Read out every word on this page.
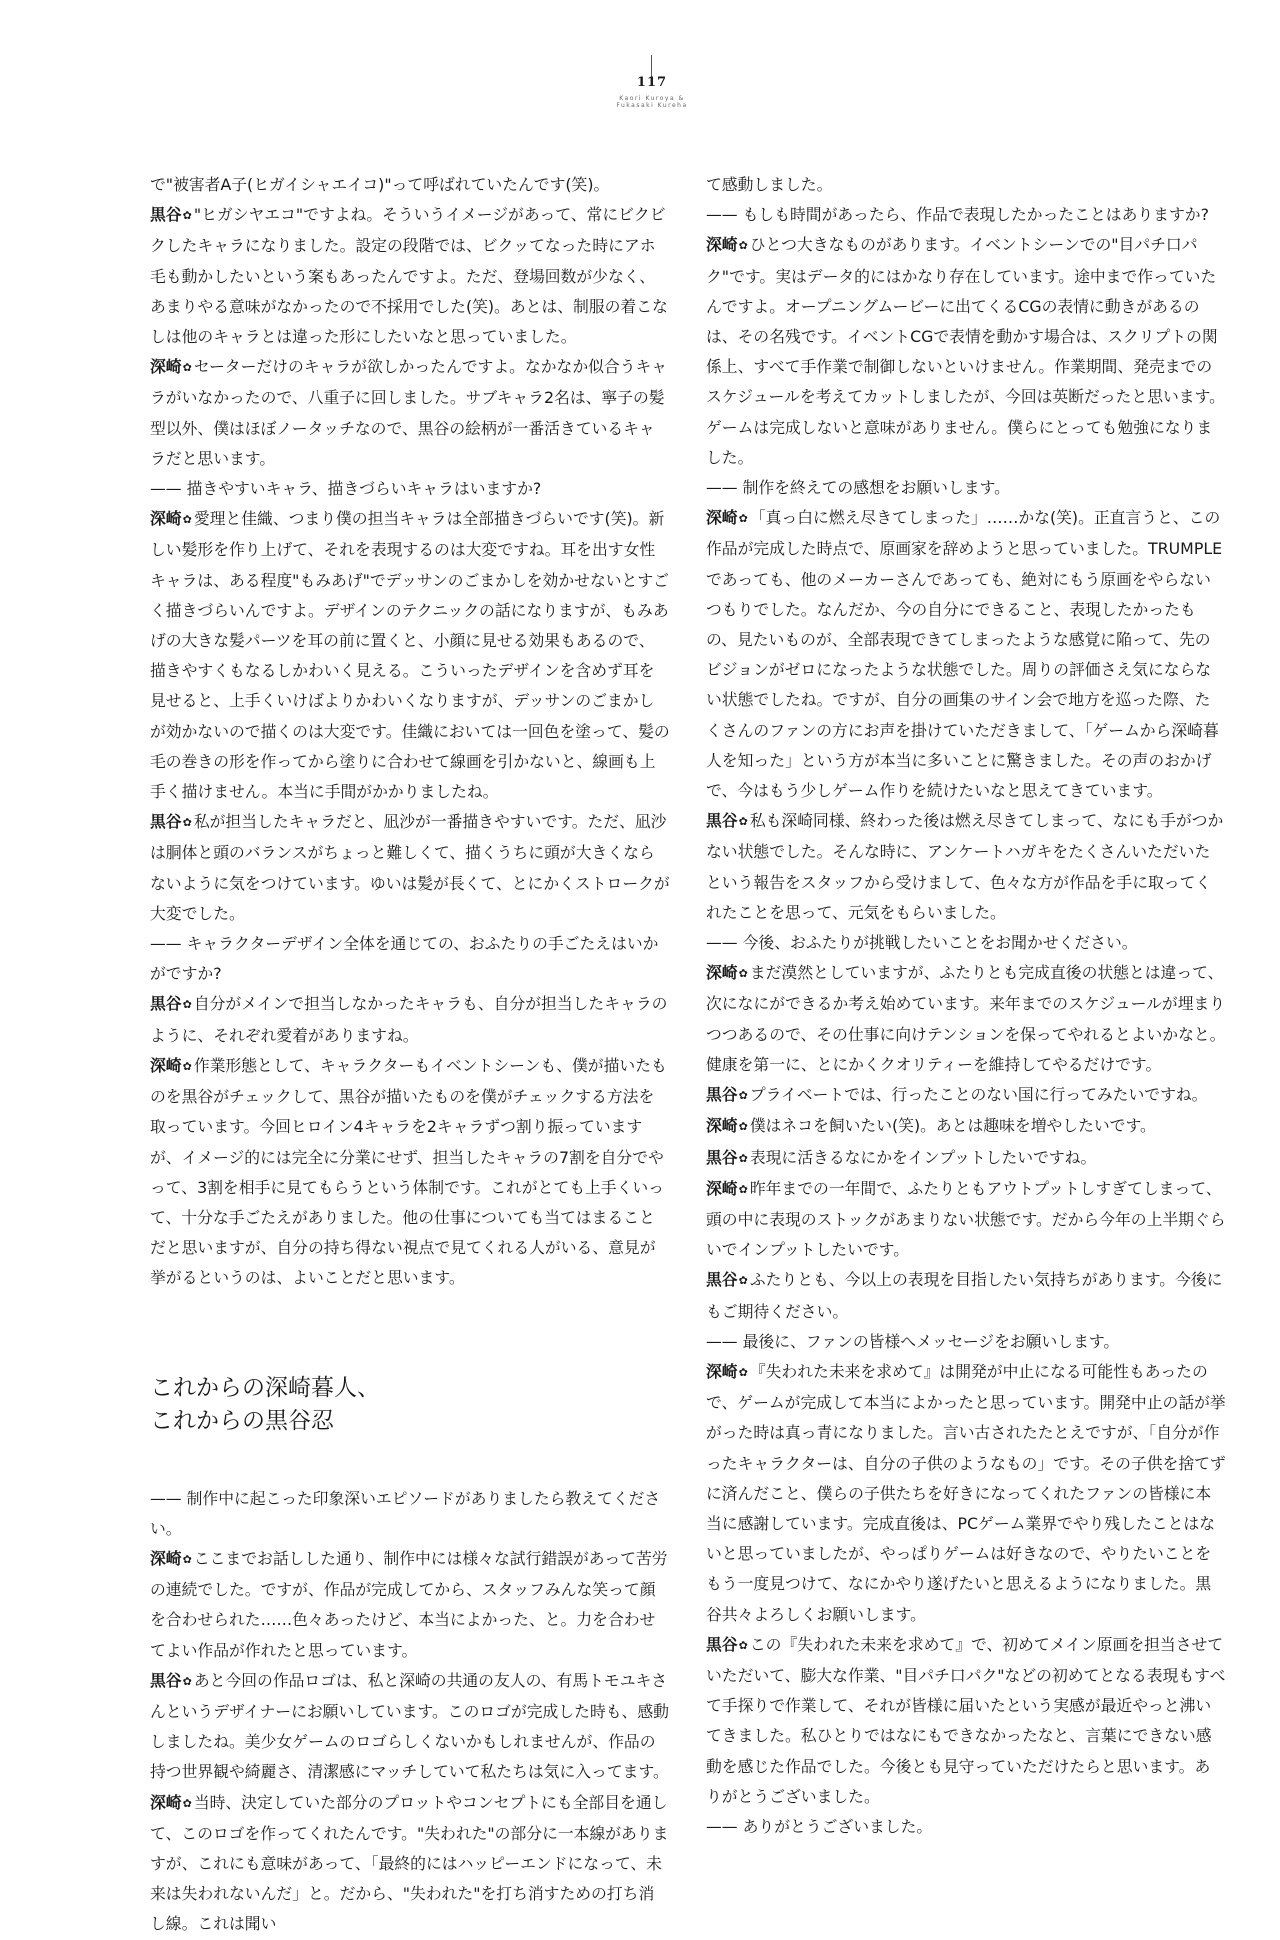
117
Kaori Kuroya & Fukasaki Kureha

で"被害者A子(ヒガイシャエイコ)"って呼ばれていたんです(笑)。

黒谷✿ "ヒガシヤエコ"ですよね。そういうイメージがあって、常にビクビクしたキャラになりました。設定の段階では、ビクッてなった時にアホ毛も動かしたいという案もあったんですよ。ただ、登場回数が少なく、あまりやる意味がなかったので不採用でした(笑)。あとは、制服の着こなしは他のキャラとは違った形にしたいなと思っていました。

深崎✿ セーターだけのキャラが欲しかったんですよ。なかなか似合うキャラがいなかったので、八重子に回しました。サブキャラ2名は、寧子の髪型以外、僕はほぼノータッチなので、黒谷の絵柄が一番活きているキャラだと思います。

—— 描きやすいキャラ、描きづらいキャラはいますか?

深崎✿ 愛理と佳織、つまり僕の担当キャラは全部描きづらいです(笑)。新しい髪形を作り上げて、それを表現するのは大変ですね。耳を出す女性キャラは、ある程度"もみあげ"でデッサンのごまかしを効かせないとすごく描きづらいんですよ。デザインのテクニックの話になりますが、もみあげの大きな髪パーツを耳の前に置くと、小顔に見せる効果もあるので、描きやすくもなるしかわいく見える。こういったデザインを含めず耳を見せると、上手くいけばよりかわいくなりますが、デッサンのごまかしが効かないので描くのは大変です。佳織においては一回色を塗って、髪の毛の巻きの形を作ってから塗りに合わせて線画を引かないと、線画も上手く描けません。本当に手間がかかりましたね。

黒谷✿ 私が担当したキャラだと、凪沙が一番描きやすいです。ただ、凪沙は胴体と頭のバランスがちょっと難しくて、描くうちに頭が大きくならないように気をつけています。ゆいは髪が長くて、とにかくストロークが大変でした。

—— キャラクターデザイン全体を通じての、おふたりの手ごたえはいかがですか?

黒谷✿ 自分がメインで担当しなかったキャラも、自分が担当したキャラのように、それぞれ愛着がありますね。

深崎✿ 作業形態として、キャラクターもイベントシーンも、僕が描いたものを黒谷がチェックして、黒谷が描いたものを僕がチェックする方法を取っています。今回ヒロイン4キャラを2キャラずつ割り振っていますが、イメージ的には完全に分業にせず、担当したキャラの7割を自分でやって、3割を相手に見てもらうという体制です。これがとても上手くいって、十分な手ごたえがありました。他の仕事についても当てはまることだと思いますが、自分の持ち得ない視点で見てくれる人がいる、意見が挙がるというのは、よいことだと思います。

これからの深崎暮人、
これからの黒谷忍

—— 制作中に起こった印象深いエピソードがありましたら教えてください。

深崎✿ ここまでお話しした通り、制作中には様々な試行錯誤があって苦労の連続でした。ですが、作品が完成してから、スタッフみんな笑って顔を合わせられた……色々あったけど、本当によかった、と。力を合わせてよい作品が作れたと思っています。

黒谷✿ あと今回の作品ロゴは、私と深崎の共通の友人の、有馬トモユキさんというデザイナーにお願いしています。このロゴが完成した時も、感動しましたね。美少女ゲームのロゴらしくないかもしれませんが、作品の持つ世界観や綺麗さ、清潔感にマッチしていて私たちは気に入ってます。

深崎✿ 当時、決定していた部分のプロットやコンセプトにも全部目を通して、このロゴを作ってくれたんです。"失われた"の部分に一本線がありますが、これにも意味があって、「最終的にはハッピーエンドになって、未来は失われないんだ」と。だから、"失われた"を打ち消すための打ち消し線。これは聞い

て感動しました。

—— もしも時間があったら、作品で表現したかったことはありますか?

深崎✿ ひとつ大きなものがあります。イベントシーンでの"目パチ口パク"です。実はデータ的にはかなり存在しています。途中まで作っていたんですよ。オープニングムービーに出てくるCGの表情に動きがあるのは、その名残です。イベントCGで表情を動かす場合は、スクリプトの関係上、すべて手作業で制御しないといけません。作業期間、発売までのスケジュールを考えてカットしましたが、今回は英断だったと思います。ゲームは完成しないと意味がありません。僕らにとっても勉強になりました。

—— 制作を終えての感想をお願いします。

深崎✿ 「真っ白に燃え尽きてしまった」……かな(笑)。正直言うと、この作品が完成した時点で、原画家を辞めようと思っていました。TRUMPLEであっても、他のメーカーさんであっても、絶対にもう原画をやらないつもりでした。なんだか、今の自分にできること、表現したかったもの、見たいものが、全部表現できてしまったような感覚に陥って、先のビジョンがゼロになったような状態でした。周りの評価さえ気にならない状態でしたね。ですが、自分の画集のサイン会で地方を巡った際、たくさんのファンの方にお声を掛けていただきまして、「ゲームから深崎暮人を知った」という方が本当に多いことに驚きました。その声のおかげで、今はもう少しゲーム作りを続けたいなと思えてきています。

黒谷✿ 私も深崎同様、終わった後は燃え尽きてしまって、なにも手がつかない状態でした。そんな時に、アンケートハガキをたくさんいただいたという報告をスタッフから受けまして、色々な方が作品を手に取ってくれたことを思って、元気をもらいました。

—— 今後、おふたりが挑戦したいことをお聞かせください。

深崎✿ まだ漠然としていますが、ふたりとも完成直後の状態とは違って、次になにができるか考え始めています。来年までのスケジュールが埋まりつつあるので、その仕事に向けテンションを保ってやれるとよいかなと。健康を第一に、とにかくクオリティーを維持してやるだけです。

黒谷✿ プライベートでは、行ったことのない国に行ってみたいですね。

深崎✿ 僕はネコを飼いたい(笑)。あとは趣味を増やしたいです。

黒谷✿ 表現に活きるなにかをインプットしたいですね。

深崎✿ 昨年までの一年間で、ふたりともアウトプットしすぎてしまって、頭の中に表現のストックがあまりない状態です。だから今年の上半期ぐらいでインプットしたいです。

黒谷✿ ふたりとも、今以上の表現を目指したい気持ちがあります。今後にもご期待ください。

—— 最後に、ファンの皆様へメッセージをお願いします。

深崎✿ 『失われた未来を求めて』は開発が中止になる可能性もあったので、ゲームが完成して本当によかったと思っています。開発中止の話が挙がった時は真っ青になりました。言い古されたたとえですが、「自分が作ったキャラクターは、自分の子供のようなもの」です。その子供を捨てずに済んだこと、僕らの子供たちを好きになってくれたファンの皆様に本当に感謝しています。完成直後は、PCゲーム業界でやり残したことはないと思っていましたが、やっぱりゲームは好きなので、やりたいことをもう一度見つけて、なにかやり遂げたいと思えるようになりました。黒谷共々よろしくお願いします。

黒谷✿ この『失われた未来を求めて』で、初めてメイン原画を担当させていただいて、膨大な作業、"目パチ口パク"などの初めてとなる表現もすべて手探りで作業して、それが皆様に届いたという実感が最近やっと沸いてきました。私ひとりではなにもできなかったなと、言葉にできない感動を感じた作品でした。今後とも見守っていただけたらと思います。ありがとうございました。

—— ありがとうございました。
